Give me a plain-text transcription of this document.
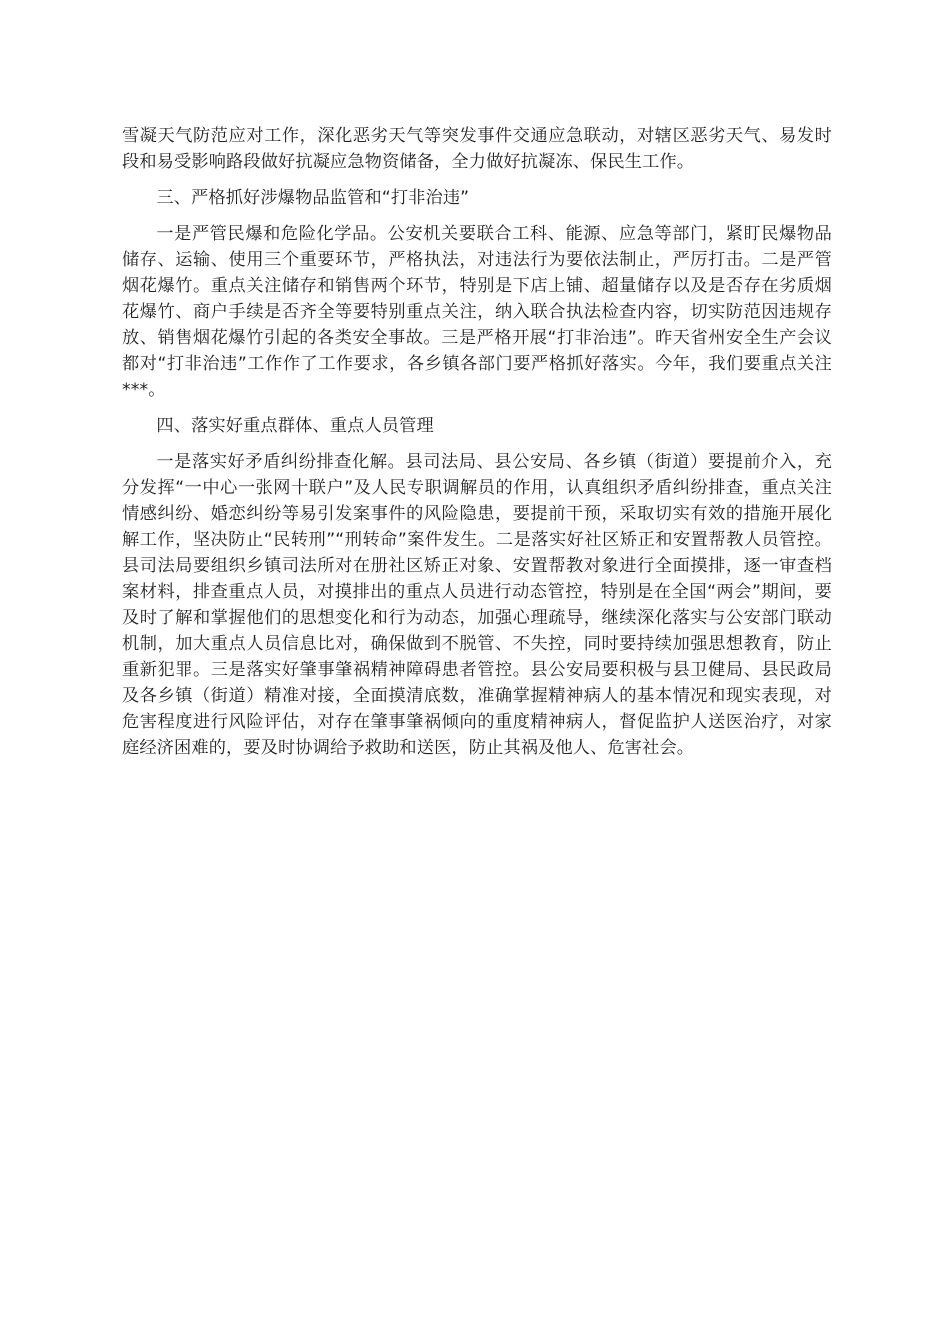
雪凝天气防范应对工作，深化恶劣天气等突发事件交通应急联动，对辖区恶劣天气、易发时段和易受影响路段做好抗凝应急物资储备，全力做好抗凝冻、保民生工作。

三、严格抓好涉爆物品监管和“打非治违”

一是严管民爆和危险化学品。公安机关要联合工科、能源、应急等部门，紧盯民爆物品储存、运输、使用三个重要环节，严格执法，对违法行为要依法制止，严厉打击。二是严管烟花爆竹。重点关注储存和销售两个环节，特别是下店上铺、超量储存以及是否存在劣质烟花爆竹、商户手续是否齐全等要特别重点关注，纳入联合执法检查内容，切实防范因违规存放、销售烟花爆竹引起的各类安全事故。三是严格开展“打非治违”。昨天省州安全生产会议都对“打非治违”工作作了工作要求，各乡镇各部门要严格抓好落实。今年，我们要重点关注***。

四、落实好重点群体、重点人员管理

一是落实好矛盾纠纷排查化解。县司法局、县公安局、各乡镇（街道）要提前介入，充分发挥“一中心一张网十联户”及人民专职调解员的作用，认真组织矛盾纠纷排查，重点关注情感纠纷、婚恋纠纷等易引发案事件的风险隐患，要提前干预，采取切实有效的措施开展化解工作，坚决防止“民转刑”“刑转命”案件发生。二是落实好社区矫正和安置帮教人员管控。县司法局要组织乡镇司法所对在册社区矫正对象、安置帮教对象进行全面摸排，逐一审查档案材料，排查重点人员，对摸排出的重点人员进行动态管控，特别是在全国“两会”期间，要及时了解和掌握他们的思想变化和行为动态，加强心理疏导，继续深化落实与公安部门联动机制，加大重点人员信息比对，确保做到不脱管、不失控，同时要持续加强思想教育，防止重新犯罪。三是落实好肇事肇祸精神障碍患者管控。县公安局要积极与县卫健局、县民政局及各乡镇（街道）精准对接，全面摸清底数，准确掌握精神病人的基本情况和现实表现，对危害程度进行风险评估，对存在肇事肇祸倾向的重度精神病人，督促监护人送医治疗，对家庭经济困难的，要及时协调给予救助和送医，防止其祸及他人、危害社会。
